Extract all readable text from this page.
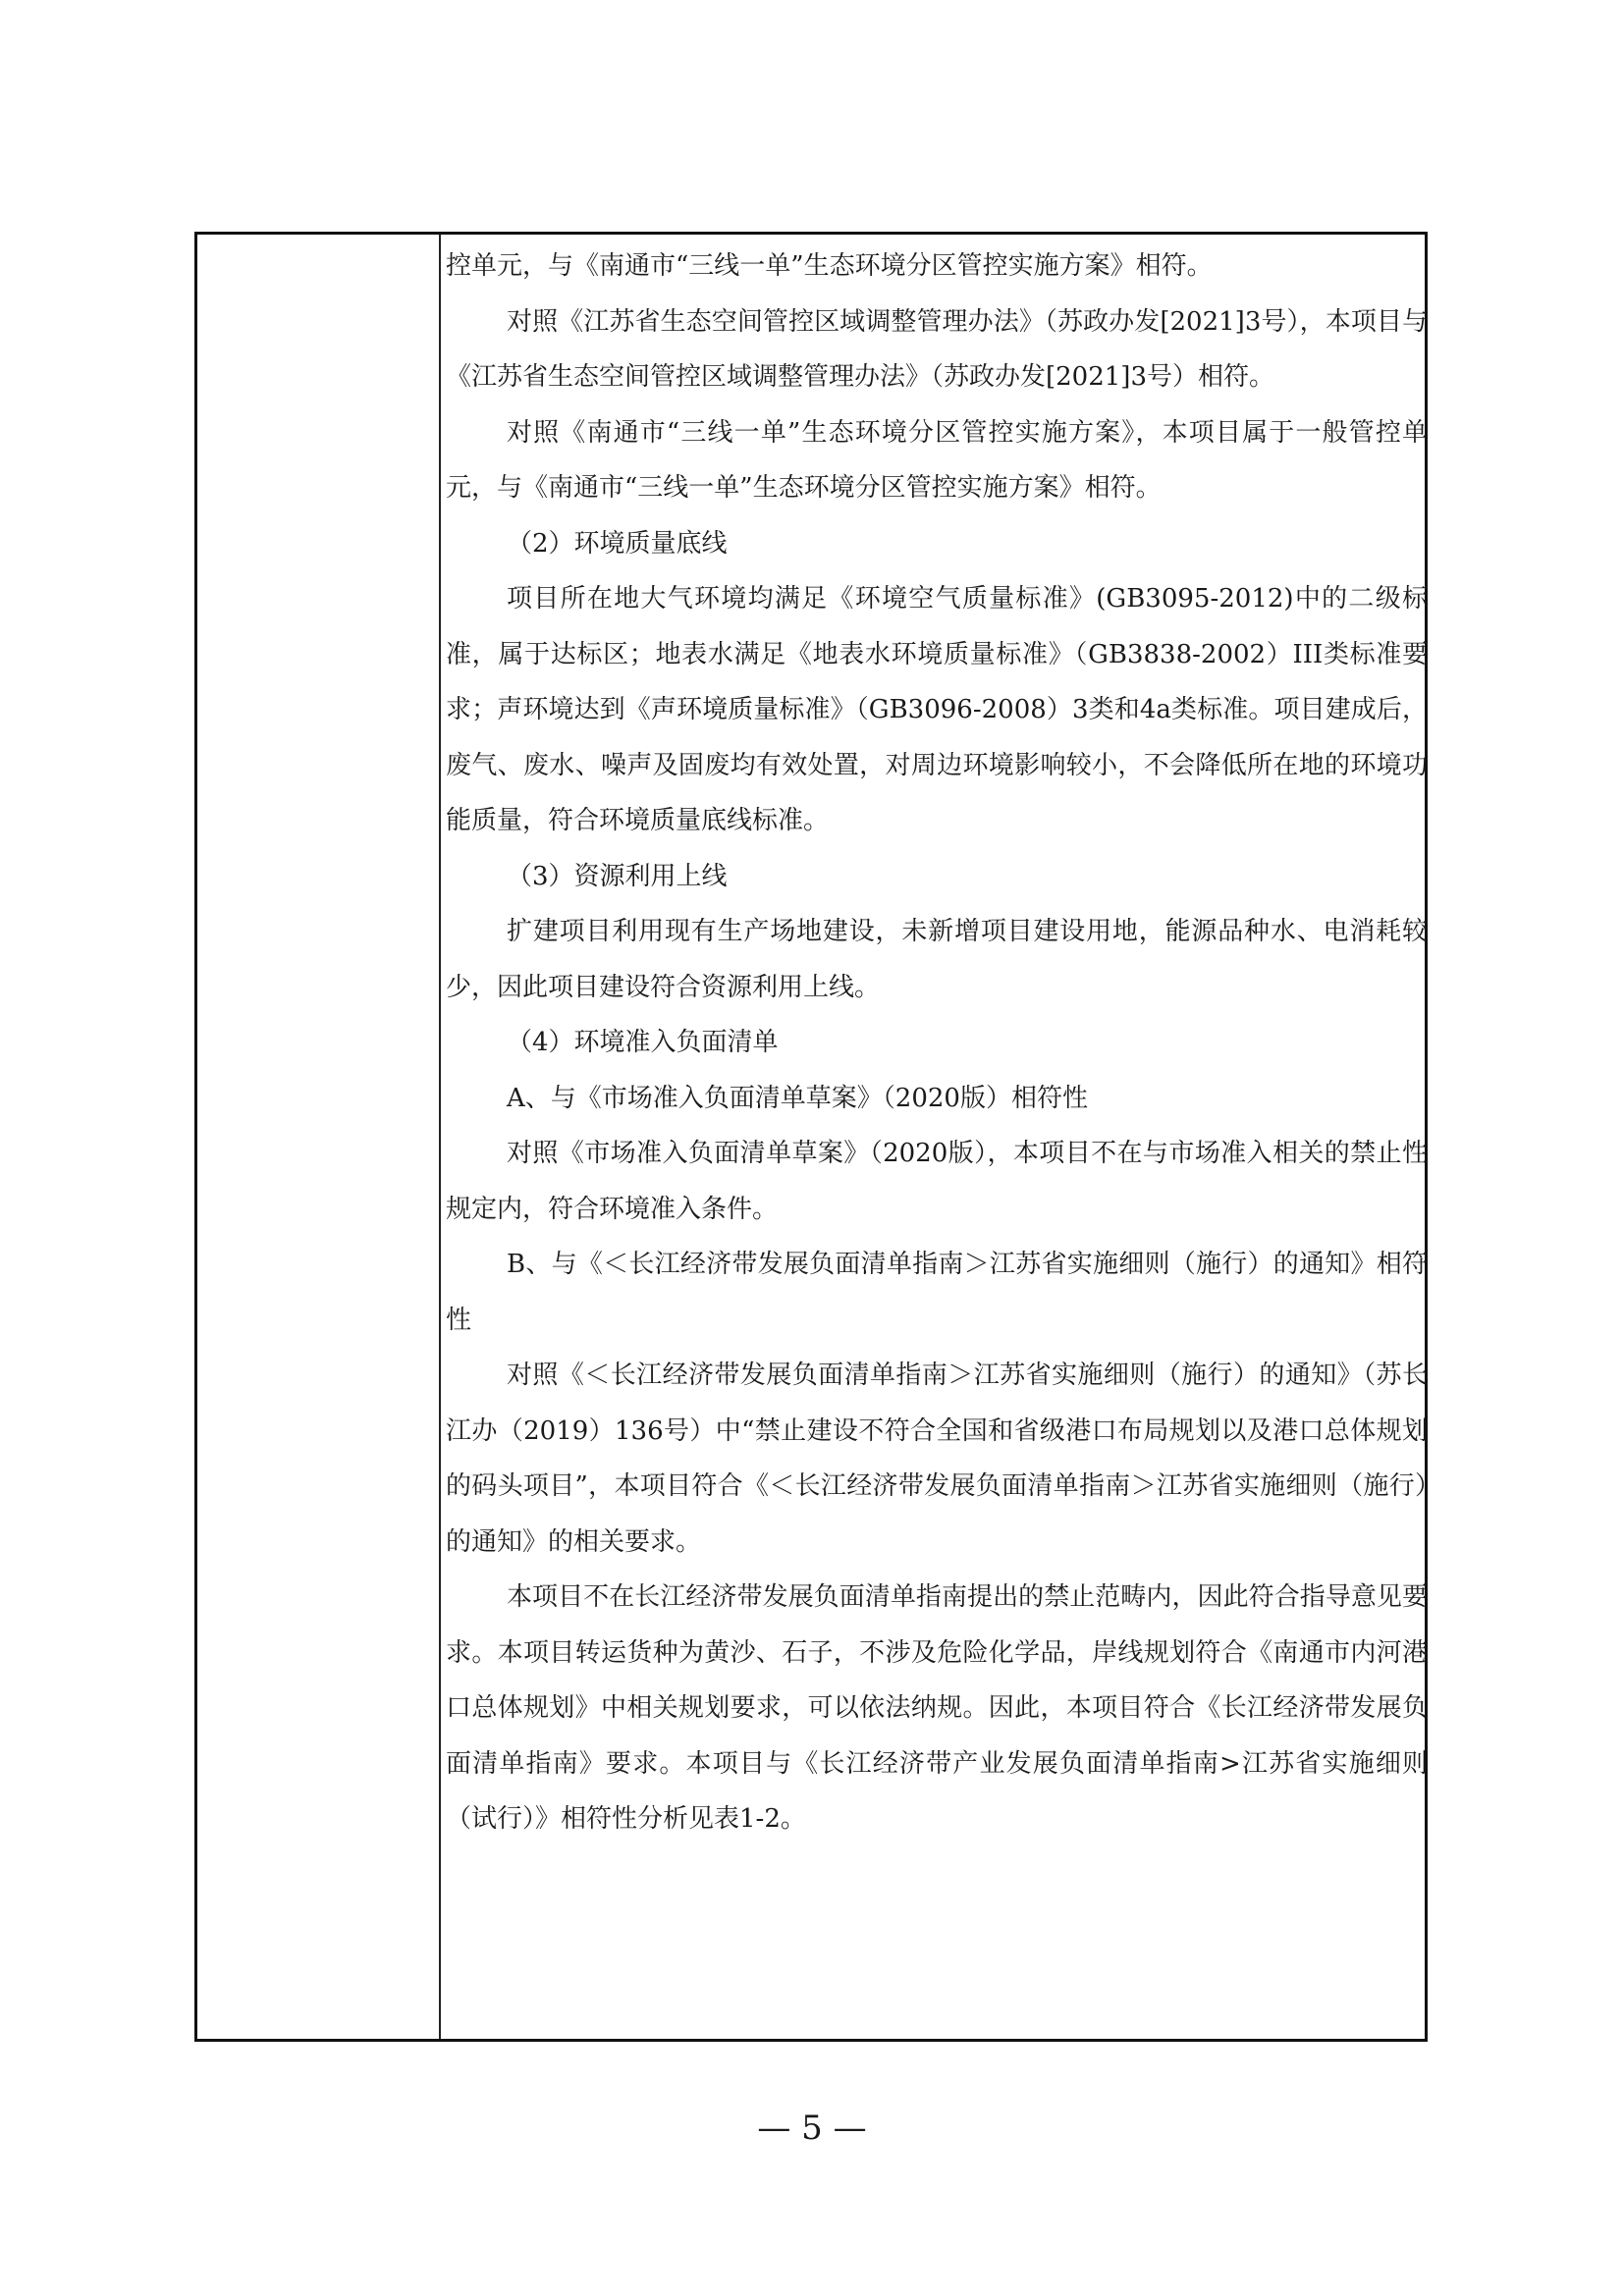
控单元，与《南通市“三线一单”生态环境分区管控实施方案》相符。

对照《江苏省生态空间管控区域调整管理办法》（苏政办发[2021]3号），本项目与《江苏省生态空间管控区域调整管理办法》（苏政办发[2021]3号）相符。

对照《南通市“三线一单”生态环境分区管控实施方案》，本项目属于一般管控单元，与《南通市“三线一单”生态环境分区管控实施方案》相符。

（2）环境质量底线

项目所在地大气环境均满足《环境空气质量标准》(GB3095-2012)中的二级标准，属于达标区；地表水满足《地表水环境质量标准》（GB3838-2002）III类标准要求；声环境达到《声环境质量标准》（GB3096-2008）3类和4a类标准。项目建成后，废气、废水、噪声及固废均有效处置，对周边环境影响较小，不会降低所在地的环境功能质量，符合环境质量底线标准。

（3）资源利用上线

扩建项目利用现有生产场地建设，未新增项目建设用地，能源品种水、电消耗较少，因此项目建设符合资源利用上线。

（4）环境准入负面清单

A、与《市场准入负面清单草案》（2020版）相符性

对照《市场准入负面清单草案》（2020版），本项目不在与市场准入相关的禁止性规定内，符合环境准入条件。

B、与《＜长江经济带发展负面清单指南＞江苏省实施细则（施行）的通知》相符性

对照《＜长江经济带发展负面清单指南＞江苏省实施细则（施行）的通知》（苏长江办（2019）136号）中“禁止建设不符合全国和省级港口布局规划以及港口总体规划的码头项目”，本项目符合《＜长江经济带发展负面清单指南＞江苏省实施细则（施行）的通知》的相关要求。

本项目不在长江经济带发展负面清单指南提出的禁止范畴内，因此符合指导意见要求。本项目转运货种为黄沙、石子，不涉及危险化学品，岸线规划符合《南通市内河港口总体规划》中相关规划要求，可以依法纳规。因此，本项目符合《长江经济带发展负面清单指南》要求。本项目与《长江经济带产业发展负面清单指南>江苏省实施细则（试行）》相符性分析见表1-2。

— 5 —
